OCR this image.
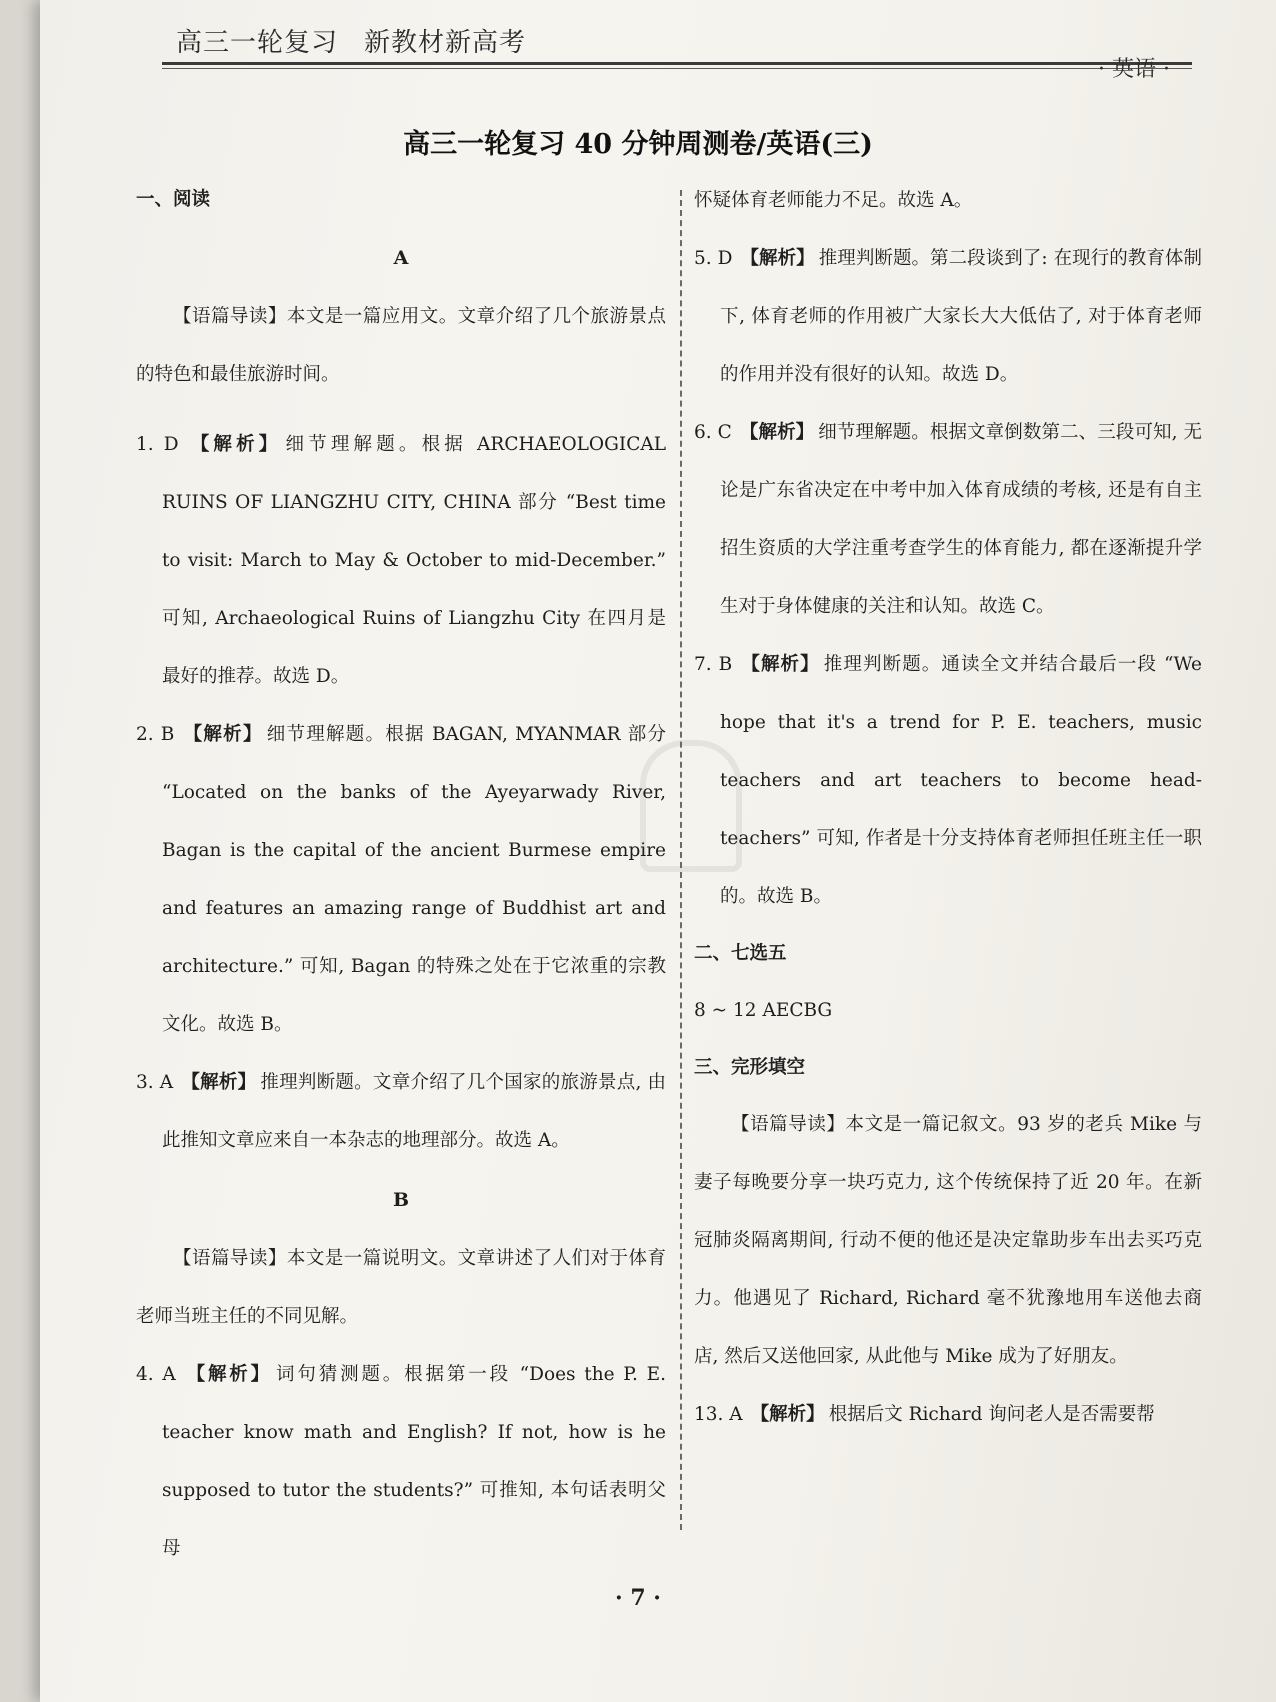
高三一轮复习 新教材新高考
· 英语 ·
高三一轮复习 40 分钟周测卷/英语(三)
一、阅读
A

【语篇导读】本文是一篇应用文。文章介绍了几个旅游景点的特色和最佳旅游时间。

1. D 【解析】 细节理解题。根据 ARCHAEOLOGICAL RUINS OF LIANGZHU CITY, CHINA 部分 “Best time to visit: March to May & October to mid-December.” 可知, Archaeological Ruins of Liangzhu City 在四月是最好的推荐。故选 D。

2. B 【解析】 细节理解题。根据 BAGAN, MYANMAR 部分 “Located on the banks of the Ayeyarwady River, Bagan is the capital of the ancient Burmese empire and features an amazing range of Buddhist art and architecture.” 可知, Bagan 的特殊之处在于它浓重的宗教文化。故选 B。

3. A 【解析】 推理判断题。文章介绍了几个国家的旅游景点, 由此推知文章应来自一本杂志的地理部分。故选 A。

B

【语篇导读】本文是一篇说明文。文章讲述了人们对于体育老师当班主任的不同见解。

4. A 【解析】 词句猜测题。根据第一段 “Does the P. E. teacher know math and English? If not, how is he supposed to tutor the students?” 可推知, 本句话表明父母

怀疑体育老师能力不足。故选 A。

5. D 【解析】 推理判断题。第二段谈到了: 在现行的教育体制下, 体育老师的作用被广大家长大大低估了, 对于体育老师的作用并没有很好的认知。故选 D。

6. C 【解析】 细节理解题。根据文章倒数第二、三段可知, 无论是广东省决定在中考中加入体育成绩的考核, 还是有自主招生资质的大学注重考查学生的体育能力, 都在逐渐提升学生对于身体健康的关注和认知。故选 C。

7. B 【解析】 推理判断题。通读全文并结合最后一段 “We hope that it's a trend for P. E. teachers, music teachers and art teachers to become head-teachers” 可知, 作者是十分支持体育老师担任班主任一职的。故选 B。

二、七选五

8 ~ 12 AECBG

三、完形填空

【语篇导读】本文是一篇记叙文。93 岁的老兵 Mike 与妻子每晚要分享一块巧克力, 这个传统保持了近 20 年。在新冠肺炎隔离期间, 行动不便的他还是决定靠助步车出去买巧克力。他遇见了 Richard, Richard 毫不犹豫地用车送他去商店, 然后又送他回家, 从此他与 Mike 成为了好朋友。

13. A 【解析】 根据后文 Richard 询问老人是否需要帮

· 7 ·
